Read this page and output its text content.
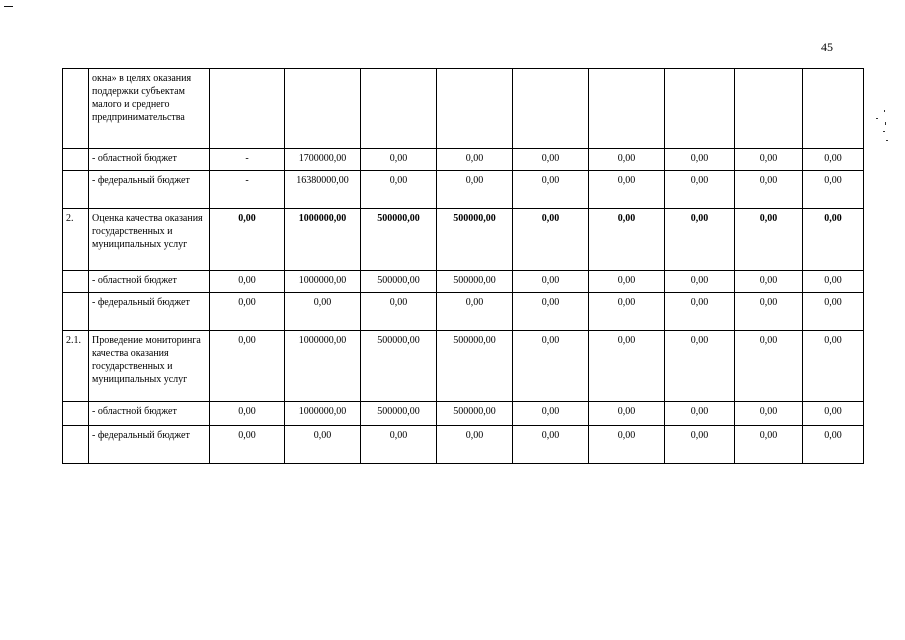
45
	окна» в целях оказания поддержки субъектам малого и среднего предпринимательства									
	- областной бюджет	-	1700000,00	0,00	0,00	0,00	0,00	0,00	0,00	0,00
	- федеральный бюджет	-	16380000,00	0,00	0,00	0,00	0,00	0,00	0,00	0,00
2.	Оценка качества оказания государственных и муниципальных услуг	0,00	1000000,00	500000,00	500000,00	0,00	0,00	0,00	0,00	0,00
	- областной бюджет	0,00	1000000,00	500000,00	500000,00	0,00	0,00	0,00	0,00	0,00
	- федеральный бюджет	0,00	0,00	0,00	0,00	0,00	0,00	0,00	0,00	0,00
2.1.	Проведение мониторинга качества оказания государственных и муниципальных услуг	0,00	1000000,00	500000,00	500000,00	0,00	0,00	0,00	0,00	0,00
	- областной бюджет	0,00	1000000,00	500000,00	500000,00	0,00	0,00	0,00	0,00	0,00
	- федеральный бюджет	0,00	0,00	0,00	0,00	0,00	0,00	0,00	0,00	0,00
